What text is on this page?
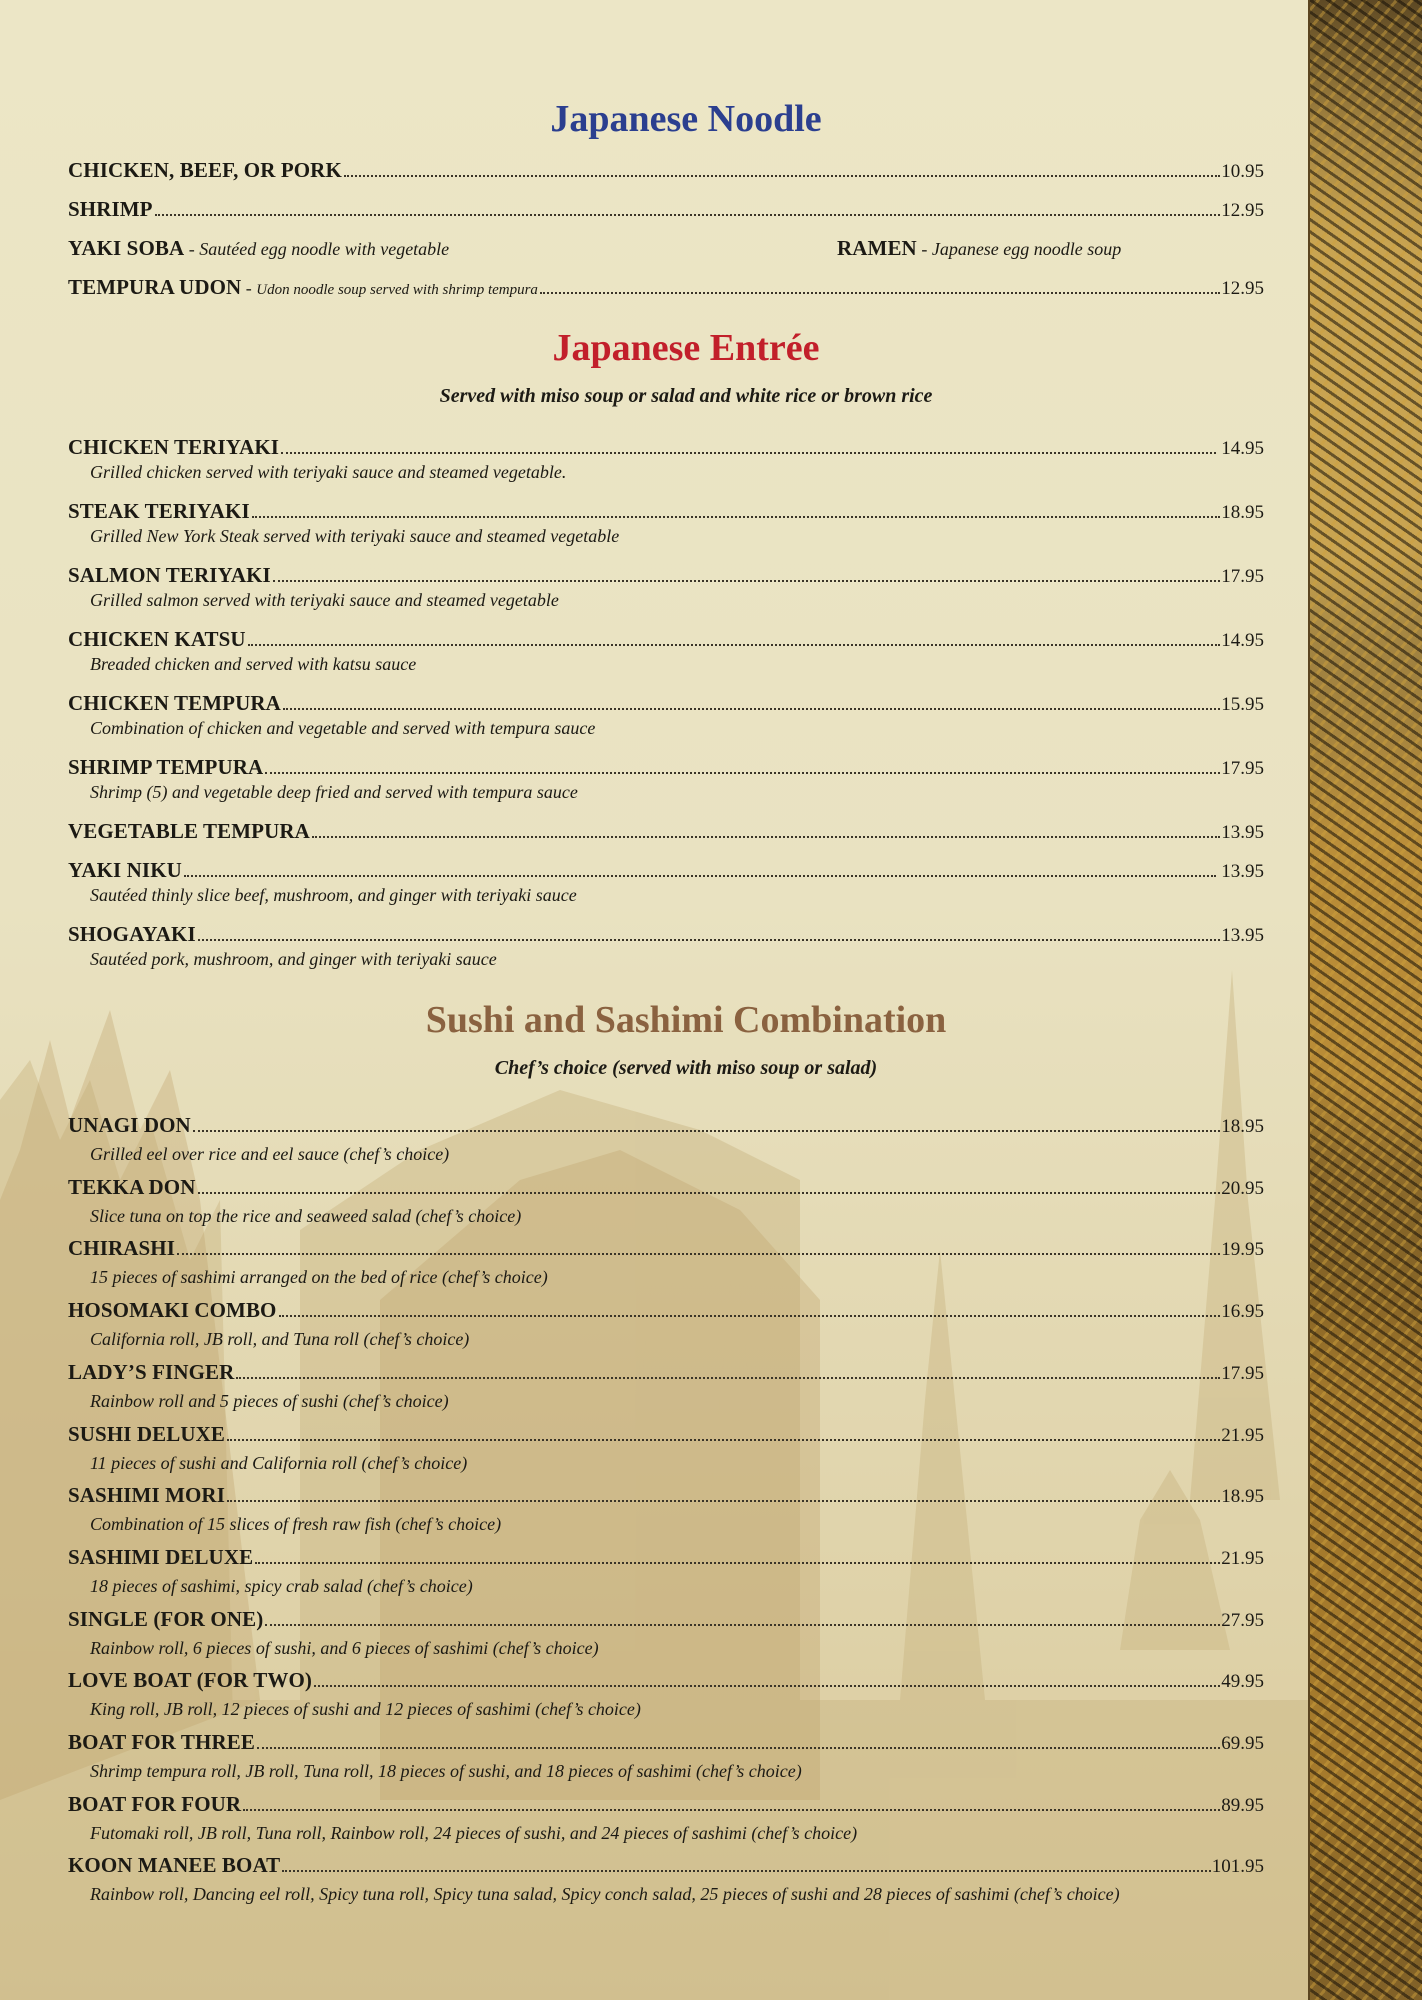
Japanese Noodle
CHICKEN, BEEF, OR PORK	10.95
SHRIMP	12.95
YAKI SOBA - Sautéed egg noodle with vegetable	RAMEN - Japanese egg noodle soup
TEMPURA UDON - Udon noodle soup served with shrimp tempura	12.95
Japanese Entrée
Served with miso soup or salad and white rice or brown rice
CHICKEN TERIYAKI	14.95
Grilled chicken served with teriyaki sauce and steamed vegetable.
STEAK TERIYAKI	18.95
Grilled New York Steak served with teriyaki sauce and steamed vegetable
SALMON TERIYAKI	17.95
Grilled salmon served with teriyaki sauce and steamed vegetable
CHICKEN KATSU	14.95
Breaded chicken and served with katsu sauce
CHICKEN TEMPURA	15.95
Combination of chicken and vegetable and served with tempura sauce
SHRIMP TEMPURA	17.95
Shrimp (5) and vegetable deep fried and served with tempura sauce
VEGETABLE TEMPURA	13.95
YAKI NIKU	13.95
Sautéed thinly slice beef, mushroom, and ginger with teriyaki sauce
SHOGAYAKI	13.95
Sautéed pork, mushroom, and ginger with teriyaki sauce
Sushi and Sashimi Combination
Chef’s choice (served with miso soup or salad)
UNAGI DON	18.95
Grilled eel over rice and eel sauce (chef’s choice)
TEKKA DON	20.95
Slice tuna on top the rice and seaweed salad (chef’s choice)
CHIRASHI	19.95
15 pieces of sashimi arranged on the bed of rice (chef’s choice)
HOSOMAKI COMBO	16.95
California roll, JB roll, and Tuna roll (chef’s choice)
LADY’S FINGER	17.95
Rainbow roll and 5 pieces of sushi (chef’s choice)
SUSHI DELUXE	21.95
11 pieces of sushi and California roll (chef’s choice)
SASHIMI MORI	18.95
Combination of 15 slices of fresh raw fish (chef’s choice)
SASHIMI DELUXE	21.95
18 pieces of sashimi, spicy crab salad (chef’s choice)
SINGLE (FOR ONE)	27.95
Rainbow roll, 6 pieces of sushi, and 6 pieces of sashimi (chef’s choice)
LOVE BOAT (FOR TWO)	49.95
King roll, JB roll, 12 pieces of sushi and 12 pieces of sashimi (chef’s choice)
BOAT FOR THREE	69.95
Shrimp tempura roll, JB roll, Tuna roll, 18 pieces of sushi, and 18 pieces of sashimi (chef’s choice)
BOAT FOR FOUR	89.95
Futomaki roll, JB roll, Tuna roll, Rainbow roll, 24 pieces of sushi, and 24 pieces of sashimi (chef’s choice)
KOON MANEE BOAT	101.95
Rainbow roll, Dancing eel roll, Spicy tuna roll, Spicy tuna salad, Spicy conch salad, 25 pieces of sushi and 28 pieces of sashimi (chef’s choice)
